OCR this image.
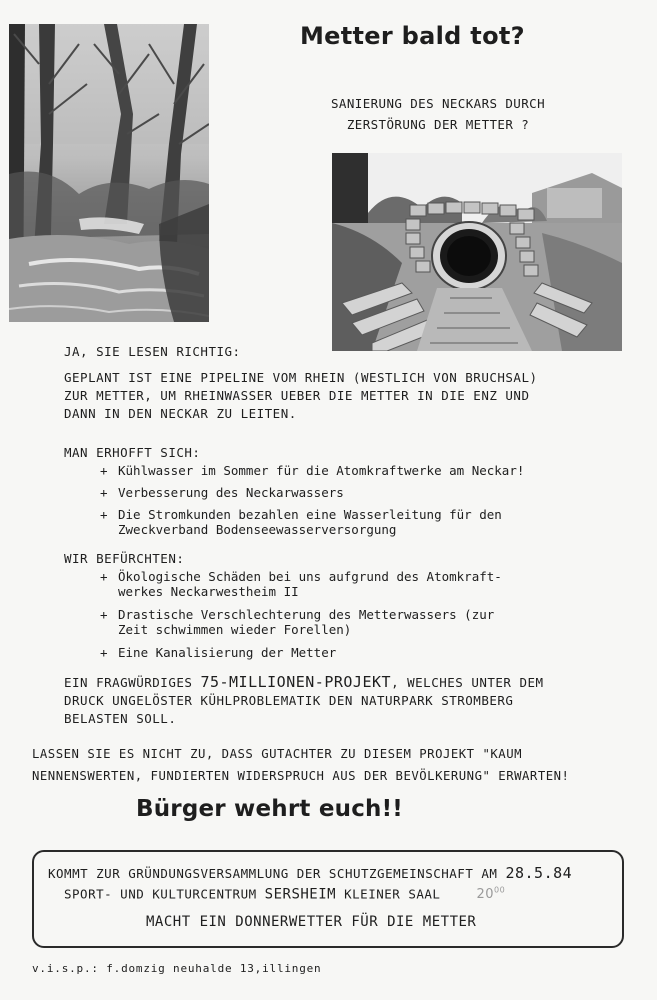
Metter bald tot?
SANIERUNG DES NECKARS DURCH
ZERSTÖRUNG DER METTER ?
JA, SIE LESEN RICHTIG:
GEPLANT IST EINE PIPELINE VOM RHEIN (WESTLICH VON BRUCHSAL)
ZUR METTER, UM RHEINWASSER UEBER DIE METTER IN DIE ENZ UND
DANN IN DEN NECKAR ZU LEITEN.
MAN ERHOFFT SICH:
+ Kühlwasser im Sommer für die Atomkraftwerke am Neckar!
+ Verbesserung des Neckarwassers
+ Die Stromkunden bezahlen eine Wasserleitung für den
Zweckverband Bodenseewasserversorgung
WIR BEFÜRCHTEN:
+ Ökologische Schäden bei uns aufgrund des Atomkraft-
werkes Neckarwestheim II
+ Drastische Verschlechterung des Metterwassers (zur
Zeit schwimmen wieder Forellen)
+ Eine Kanalisierung der Metter
EIN FRAGWÜRDIGES 75-MILLIONEN-PROJEKT, WELCHES UNTER DEM
DRUCK UNGELÖSTER KÜHLPROBLEMATIK DEN NATURPARK STROMBERG
BELASTEN SOLL.
LASSEN SIE ES NICHT ZU, DASS GUTACHTER ZU DIESEM PROJEKT "KAUM
NENNENSWERTEN, FUNDIERTEN WIDERSPRUCH AUS DER BEVÖLKERUNG" ERWARTEN!
Bürger wehrt euch!!
KOMMT ZUR GRÜNDUNGSVERSAMMLUNG DER SCHUTZGEMEINSCHAFT AM 28.5.84
SPORT- UND KULTURCENTRUM SERSHEIM KLEINER SAAL	$20^{00}$
MACHT EIN DONNERWETTER FÜR DIE METTER
v.i.s.p.: f.domzig neuhalde 13,illingen
